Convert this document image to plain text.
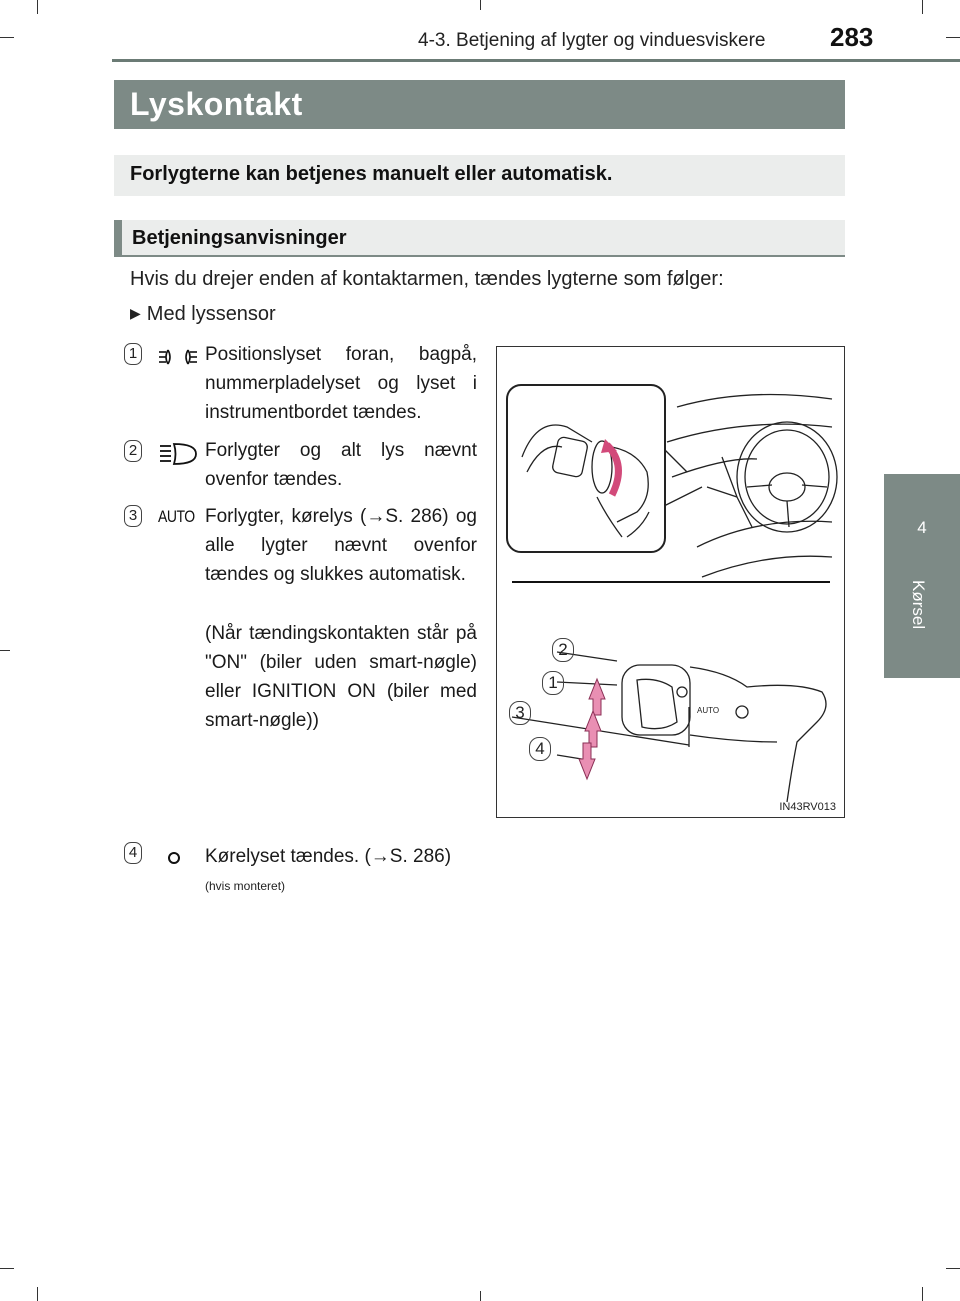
4-3. Betjening af lygter og vinduesviskere 283
4
Kørsel
Lyskontakt
Forlygterne kan betjenes manuelt eller automatisk.
Betjeningsanvisninger
Hvis du drejer enden af kontaktarmen, tændes lygterne som følger:
▶ Med lyssensor
1	Positionslyset foran, bagpå, nummerpladelyset og lyset i instrumentbordet tændes.
2	Forlygter og alt lys nævnt ovenfor tændes.
3	AUTO Forlygter, kørelys (→S. 286) og alle lygter nævnt ovenfor tændes og slukkes automatisk.
(Når tændingskontakten står på "ON" (biler uden smart-nøgle) eller IGNITION ON (biler med smart-nøgle))
4	Kørelyset tændes. (→S. 286)
(hvis monteret)
AUTO
2
1
3
4
IN43RV013
